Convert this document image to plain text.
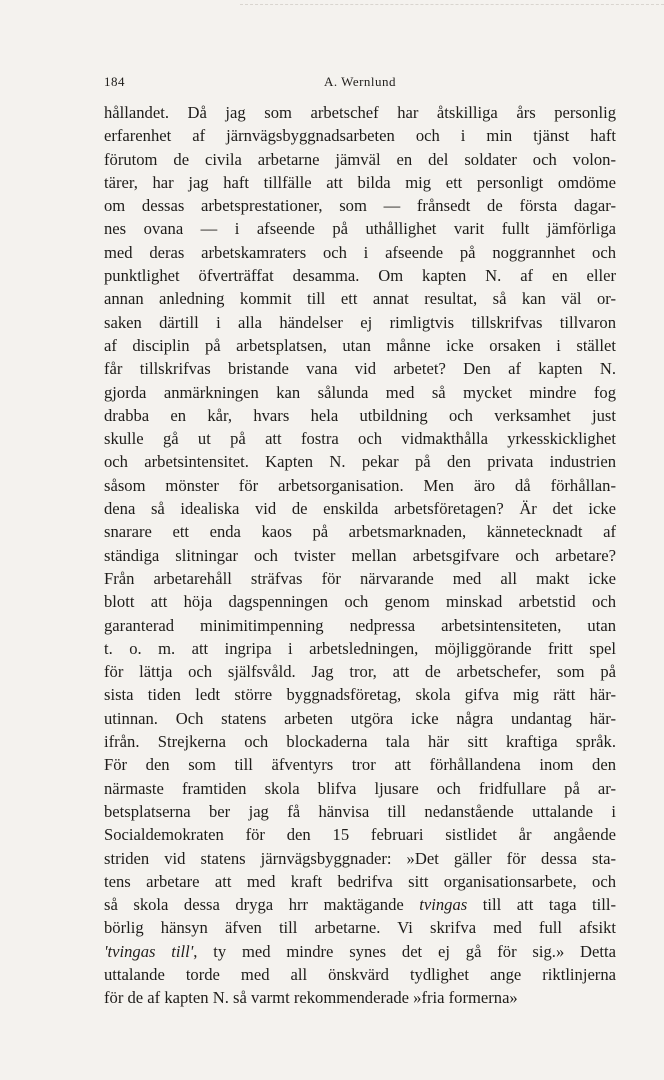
184	A. Wernlund
hållandet. Då jag som arbetschef har åtskilliga års personlig
erfarenhet af järnvägsbyggnadsarbeten och i min tjänst haft
förutom de civila arbetarne jämväl en del soldater och volon-
tärer, har jag haft tillfälle att bilda mig ett personligt omdöme
om dessas arbetsprestationer, som — frånsedt de första dagar-
nes ovana — i afseende på uthållighet varit fullt jämförliga
med deras arbetskamraters och i afseende på noggrannhet och
punktlighet öfverträffat desamma. Om kapten N. af en eller
annan anledning kommit till ett annat resultat, så kan väl or-
saken därtill i alla händelser ej rimligtvis tillskrifvas tillvaron
af disciplin på arbetsplatsen, utan månne icke orsaken i stället
får tillskrifvas bristande vana vid arbetet? Den af kapten N.
gjorda anmärkningen kan sålunda med så mycket mindre fog
drabba en kår, hvars hela utbildning och verksamhet just
skulle gå ut på att fostra och vidmakthålla yrkesskicklighet
och arbetsintensitet. Kapten N. pekar på den privata industrien
såsom mönster för arbetsorganisation. Men äro då förhållan-
dena så idealiska vid de enskilda arbetsföretagen? Är det icke
snarare ett enda kaos på arbetsmarknaden, kännetecknadt af
ständiga slitningar och tvister mellan arbetsgifvare och arbetare?
Från arbetarehåll sträfvas för närvarande med all makt icke
blott att höja dagspenningen och genom minskad arbetstid och
garanterad minimitimpenning nedpressa arbetsintensiteten, utan
t. o. m. att ingripa i arbetsledningen, möjliggörande fritt spel
för lättja och själfsvåld. Jag tror, att de arbetschefer, som på
sista tiden ledt större byggnadsföretag, skola gifva mig rätt här-
utinnan. Och statens arbeten utgöra icke några undantag här-
ifrån. Strejkerna och blockaderna tala här sitt kraftiga språk.
För den som till äfventyrs tror att förhållandena inom den
närmaste framtiden skola blifva ljusare och fridfullare på ar-
betsplatserna ber jag få hänvisa till nedanstående uttalande i
Socialdemokraten för den 15 februari sistlidet år angående
striden vid statens järnvägsbyggnader: »Det gäller för dessa sta-
tens arbetare att med kraft bedrifva sitt organisationsarbete, och
så skola dessa dryga hrr maktägande tvingas till att taga till-
börlig hänsyn äfven till arbetarne. Vi skrifva med full afsikt
'tvingas till', ty med mindre synes det ej gå för sig.» Detta
uttalande torde med all önskvärd tydlighet ange riktlinjerna
för de af kapten N. så varmt rekommenderade »fria formerna»
